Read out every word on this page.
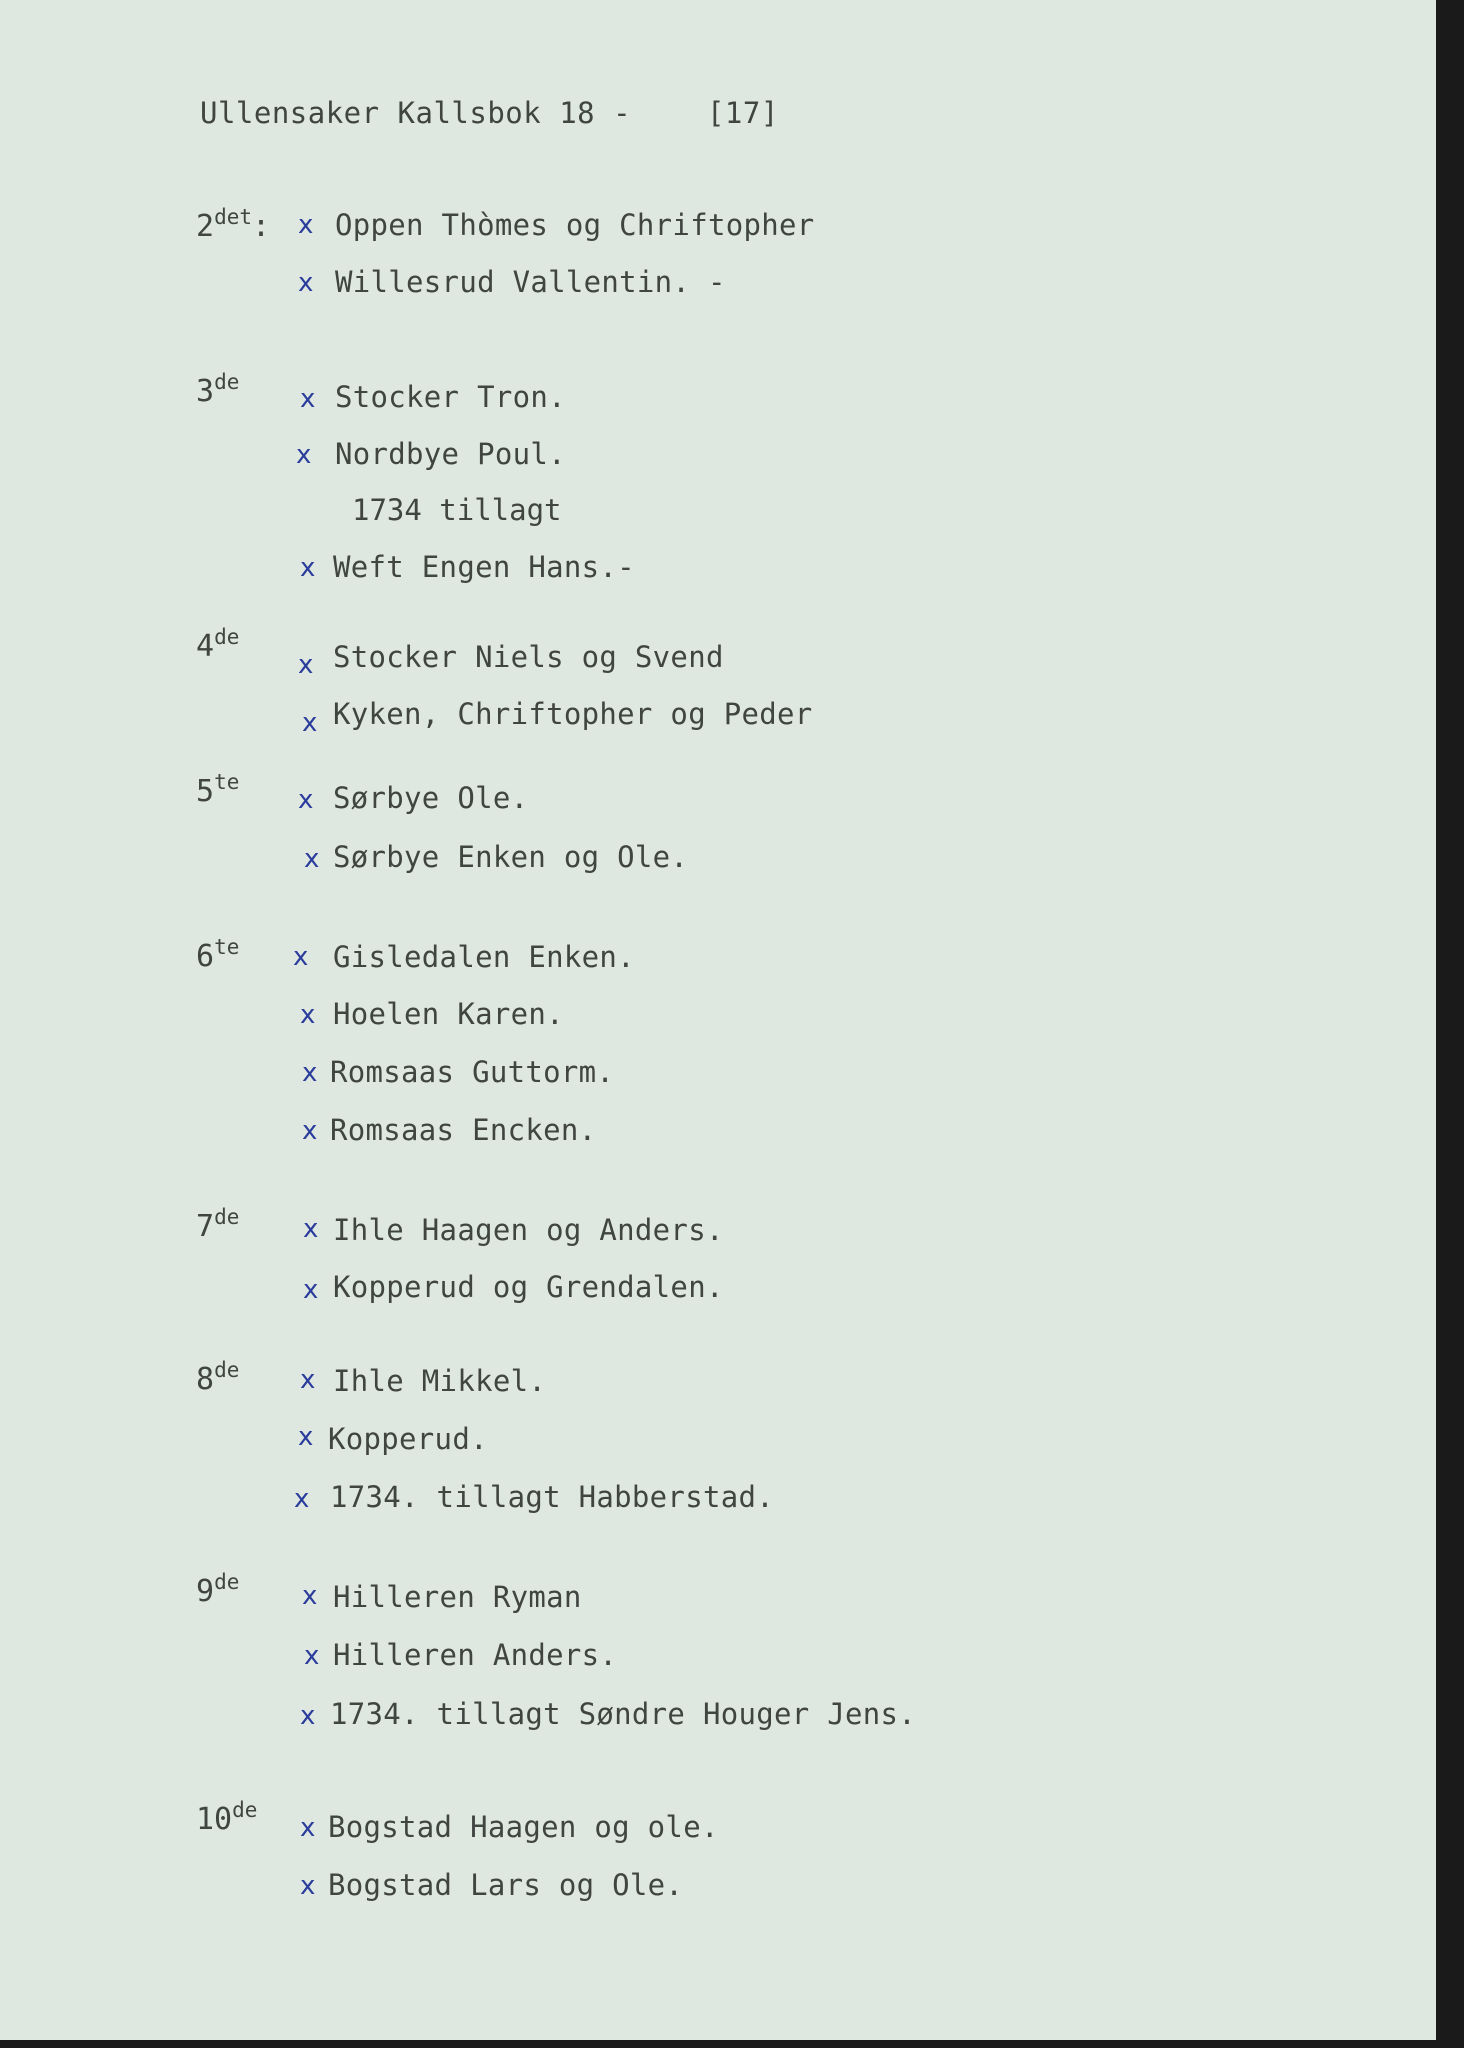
Ullensaker Kallsbok 18 -	[17]
$2^{det}$: x Oppen Thòmes og Chriftopher
x Willesrud Vallentin. -
3de
x Stocker Tron.
x Nordbye Poul.
1734 tillagt
x Weft Engen Hans.-
4de
x Stocker Niels og Svend
x Kyken, Chriftopher og Peder
$5^{te}$
x Sørbye Ole.
x Sørbye Enken og Ole.
$6^{te}$ x Gisledalen Enken.
x Hoelen Karen.
x Romsaas Guttorm.
x Romsaas Encken.
7de x Ihle Haagen og Anders.
x Kopperud og Grendalen.
8de x Ihle Mikkel.
x Kopperud.
x 1734. tillagt Habberstad.
9de x Hilleren Ryman
x Hilleren Anders.
x 1734. tillagt Søndre Houger Jens.
10de
x Bogstad Haagen og ole.
x Bogstad Lars og Ole.
